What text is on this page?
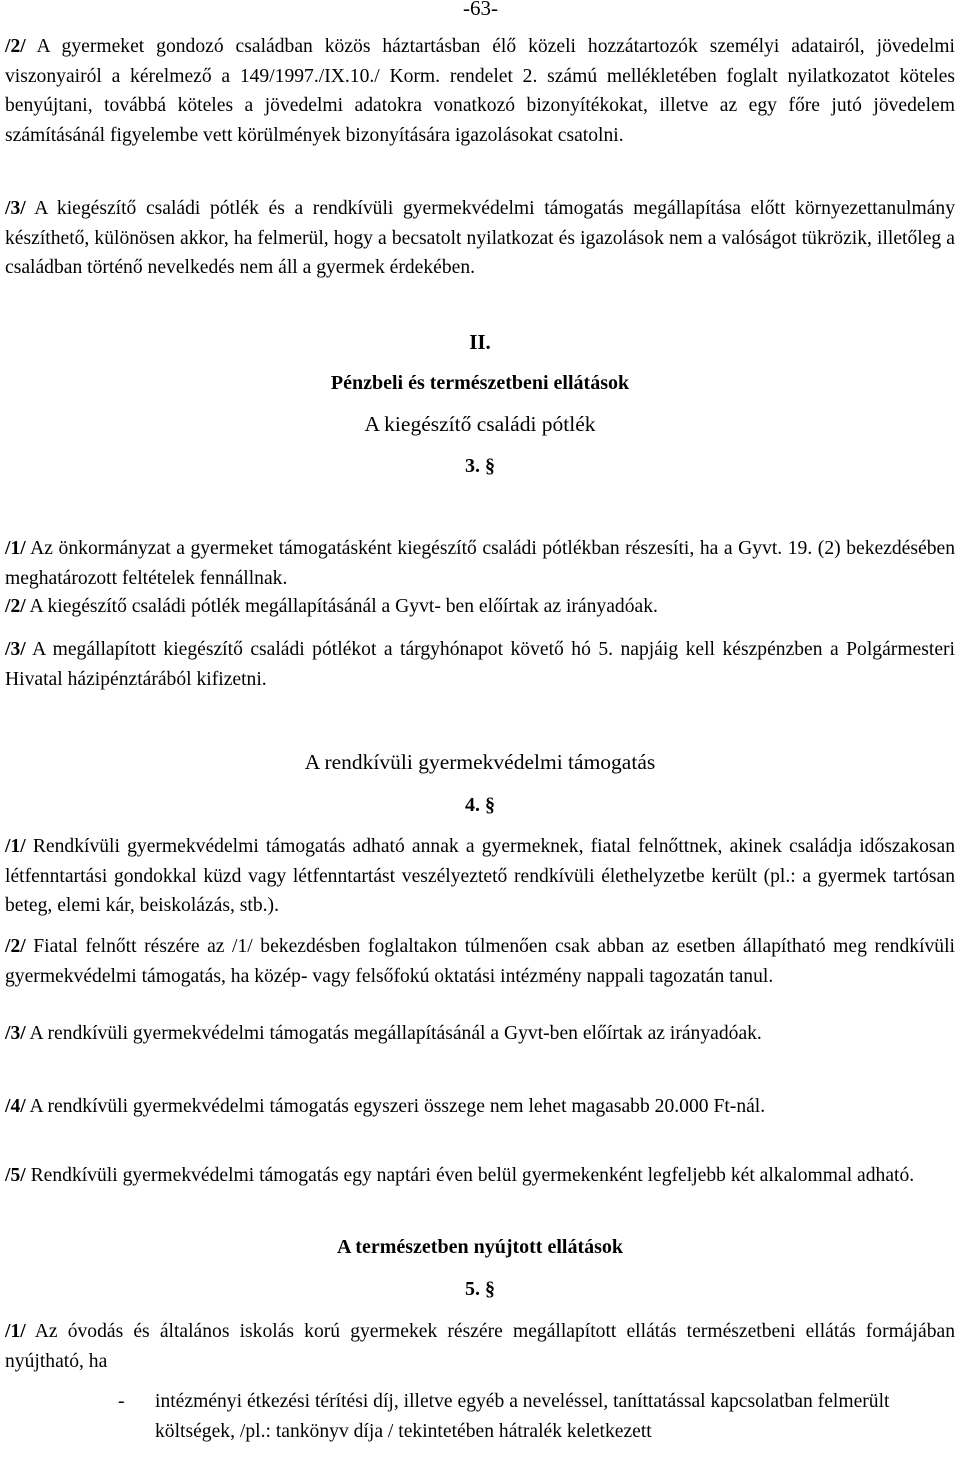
-63-

/2/ A gyermeket gondozó családban közös háztartásban élő közeli hozzátartozók személyi adatairól, jövedelmi viszonyairól a kérelmező a 149/1997./IX.10./ Korm. rendelet 2. számú mellékletében foglalt nyilatkozatot köteles benyújtani, továbbá köteles a jövedelmi adatokra vonatkozó bizonyítékokat, illetve az egy főre jutó jövedelem számításánál figyelembe vett körülmények bizonyítására igazolásokat csatolni.

/3/ A kiegészítő családi pótlék és a rendkívüli gyermekvédelmi támogatás megállapítása előtt környezettanulmány készíthető, különösen akkor, ha felmerül, hogy a becsatolt nyilatkozat és igazolások nem a valóságot tükrözik, illetőleg a családban történő nevelkedés nem áll a gyermek érdekében.

II.
Pénzbeli és természetbeni ellátások
A kiegészítő családi pótlék
3. §

/1/ Az önkormányzat a gyermeket támogatásként kiegészítő családi pótlékban részesíti, ha a Gyvt. 19. (2) bekezdésében meghatározott feltételek fennállnak.

/2/ A kiegészítő családi pótlék megállapításánál a Gyvt- ben előírtak az irányadóak.

/3/ A megállapított kiegészítő családi pótlékot a tárgyhónapot követő hó 5. napjáig kell készpénzben a Polgármesteri Hivatal házipénztárából kifizetni.

A rendkívüli gyermekvédelmi támogatás
4. §

/1/ Rendkívüli gyermekvédelmi támogatás adható annak a gyermeknek, fiatal felnőttnek, akinek családja időszakosan létfenntartási gondokkal küzd vagy létfenntartást veszélyeztető rendkívüli élethelyzetbe került (pl.: a gyermek tartósan beteg, elemi kár, beiskolázás, stb.).

/2/ Fiatal felnőtt részére az /1/ bekezdésben foglaltakon túlmenően csak abban az esetben állapítható meg rendkívüli gyermekvédelmi támogatás, ha közép- vagy felsőfokú oktatási intézmény nappali tagozatán tanul.

/3/ A rendkívüli gyermekvédelmi támogatás megállapításánál a Gyvt-ben előírtak az irányadóak.

/4/ A rendkívüli gyermekvédelmi támogatás egyszeri összege nem lehet magasabb 20.000 Ft-nál.

/5/ Rendkívüli gyermekvédelmi támogatás egy naptári éven belül gyermekenként legfeljebb két alkalommal adható.

A természetben nyújtott ellátások
5. §

/1/ Az óvodás és általános iskolás korú gyermekek részére megállapított ellátás természetbeni ellátás formájában nyújtható, ha

- intézményi étkezési térítési díj, illetve egyéb a neveléssel, taníttatással kapcsolatban felmerült költségek, /pl.: tankönyv díja / tekintetében hátralék keletkezett
